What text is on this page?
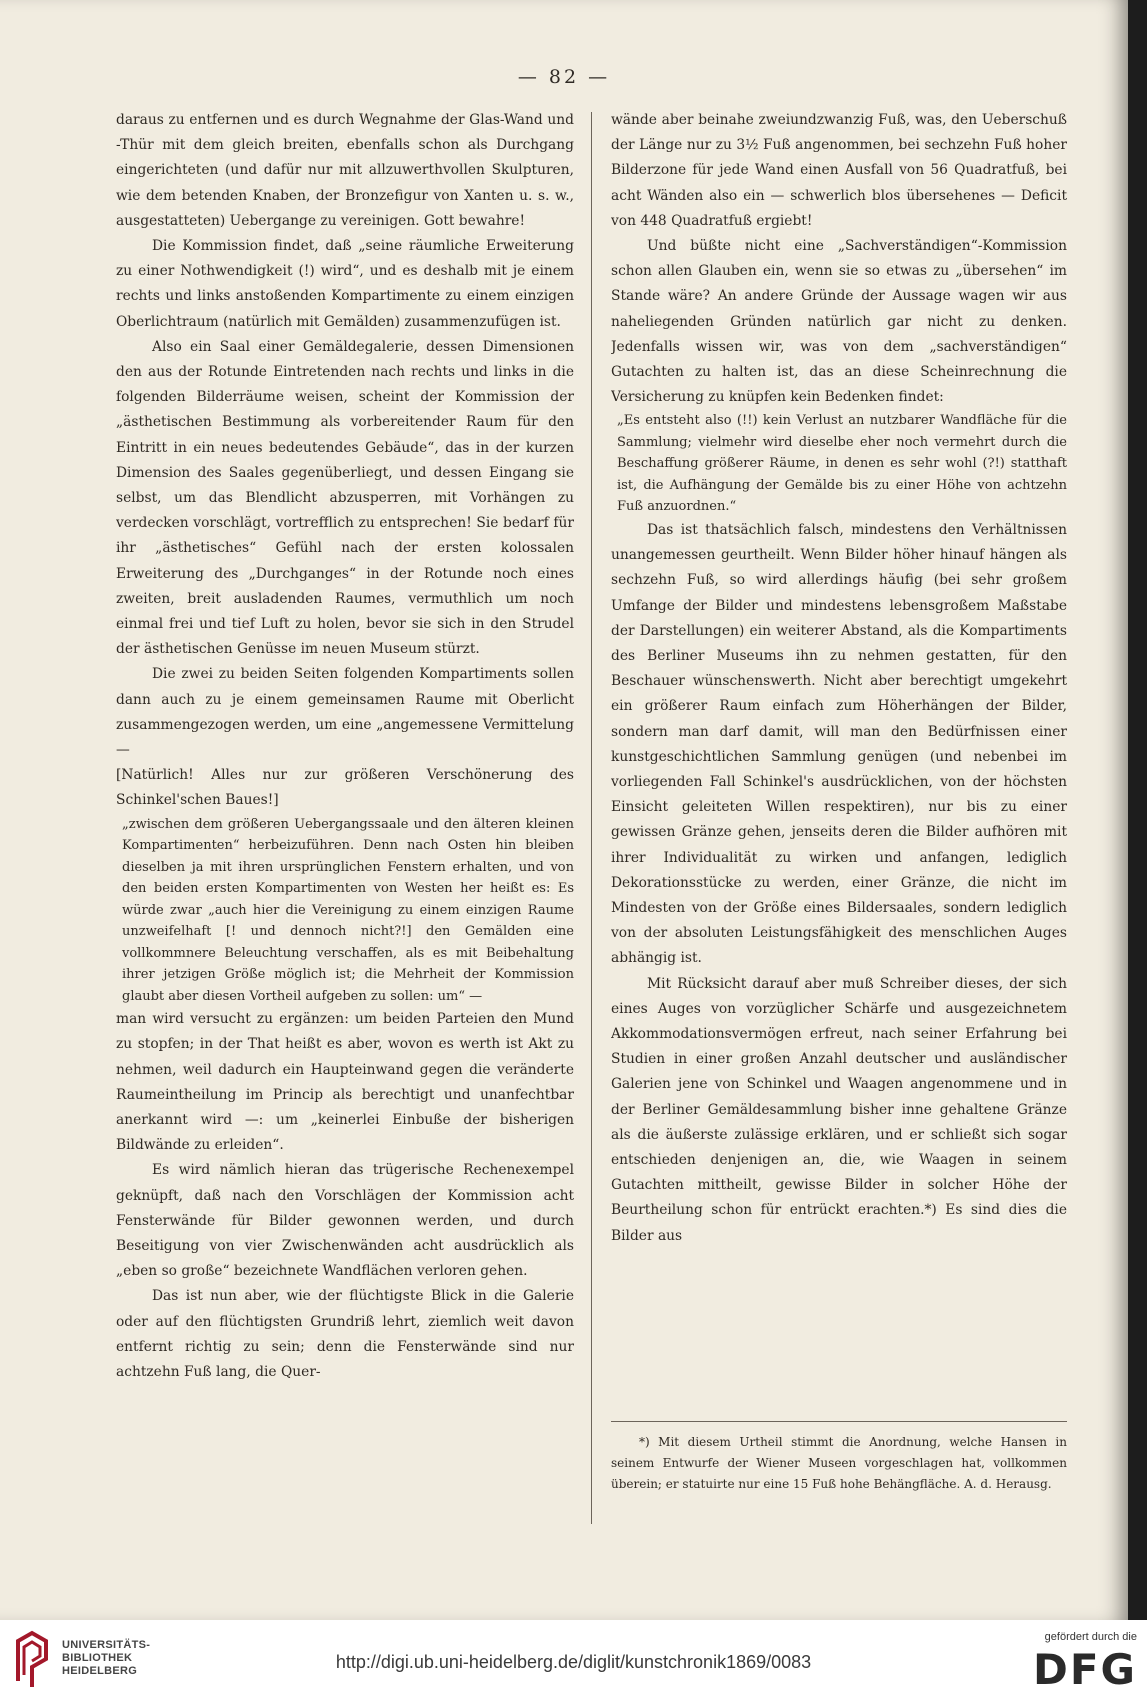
— 82 —

daraus zu entfernen und es durch Wegnahme der Glas-Wand und -Thür mit dem gleich breiten, ebenfalls schon als Durchgang eingerichteten (und dafür nur mit allzuwerthvollen Skulpturen, wie dem betenden Knaben, der Bronzefigur von Xanten u. s. w., ausgestatteten) Uebergange zu vereinigen. Gott bewahre!

Die Kommission findet, daß „seine räumliche Erweiterung zu einer Nothwendigkeit (!) wird“, und es deshalb mit je einem rechts und links anstoßenden Kompartimente zu einem einzigen Oberlichtraum (natürlich mit Gemälden) zusammenzufügen ist.

Also ein Saal einer Gemäldegalerie, dessen Dimensionen den aus der Rotunde Eintretenden nach rechts und links in die folgenden Bilderräume weisen, scheint der Kommission der „ästhetischen Bestimmung als vorbereitender Raum für den Eintritt in ein neues bedeutendes Gebäude“, das in der kurzen Dimension des Saales gegenüberliegt, und dessen Eingang sie selbst, um das Blendlicht abzusperren, mit Vorhängen zu verdecken vorschlägt, vortrefflich zu entsprechen! Sie bedarf für ihr „ästhetisches“ Gefühl nach der ersten kolossalen Erweiterung des „Durchganges“ in der Rotunde noch eines zweiten, breit ausladenden Raumes, vermuthlich um noch einmal frei und tief Luft zu holen, bevor sie sich in den Strudel der ästhetischen Genüsse im neuen Museum stürzt.

Die zwei zu beiden Seiten folgenden Kompartiments sollen dann auch zu je einem gemeinsamen Raume mit Oberlicht zusammengezogen werden, um eine „angemessene Vermittelung —

[Natürlich! Alles nur zur größeren Verschönerung des Schinkel'schen Baues!]

„zwischen dem größeren Uebergangssaale und den älteren kleinen Kompartimenten“ herbeizuführen. Denn nach Osten hin bleiben dieselben ja mit ihren ursprünglichen Fenstern erhalten, und von den beiden ersten Kompartimenten von Westen her heißt es: Es würde zwar „auch hier die Vereinigung zu einem einzigen Raume unzweifelhaft [! und dennoch nicht?!] den Gemälden eine vollkommnere Beleuchtung verschaffen, als es mit Beibehaltung ihrer jetzigen Größe möglich ist; die Mehrheit der Kommission glaubt aber diesen Vortheil aufgeben zu sollen: um“ —

man wird versucht zu ergänzen: um beiden Parteien den Mund zu stopfen; in der That heißt es aber, wovon es werth ist Akt zu nehmen, weil dadurch ein Haupteinwand gegen die veränderte Raumeintheilung im Princip als berechtigt und unanfechtbar anerkannt wird —: um „keinerlei Einbuße der bisherigen Bildwände zu erleiden“.

Es wird nämlich hieran das trügerische Rechenexempel geknüpft, daß nach den Vorschlägen der Kommission acht Fensterwände für Bilder gewonnen werden, und durch Beseitigung von vier Zwischenwänden acht ausdrücklich als „eben so große“ bezeichnete Wandflächen verloren gehen.

Das ist nun aber, wie der flüchtigste Blick in die Galerie oder auf den flüchtigsten Grundriß lehrt, ziemlich weit davon entfernt richtig zu sein; denn die Fensterwände sind nur achtzehn Fuß lang, die Quer-

wände aber beinahe zweiundzwanzig Fuß, was, den Ueberschuß der Länge nur zu 3½ Fuß angenommen, bei sechzehn Fuß hoher Bilderzone für jede Wand einen Ausfall von 56 Quadratfuß, bei acht Wänden also ein — schwerlich blos übersehenes — Deficit von 448 Quadratfuß ergiebt!

Und büßte nicht eine „Sachverständigen“-Kommission schon allen Glauben ein, wenn sie so etwas zu „übersehen“ im Stande wäre? An andere Gründe der Aussage wagen wir aus naheliegenden Gründen natürlich gar nicht zu denken. Jedenfalls wissen wir, was von dem „sachverständigen“ Gutachten zu halten ist, das an diese Scheinrechnung die Versicherung zu knüpfen kein Bedenken findet:

„Es entsteht also (!!) kein Verlust an nutzbarer Wandfläche für die Sammlung; vielmehr wird dieselbe eher noch vermehrt durch die Beschaffung größerer Räume, in denen es sehr wohl (?!) statthaft ist, die Aufhängung der Gemälde bis zu einer Höhe von achtzehn Fuß anzuordnen.“

Das ist thatsächlich falsch, mindestens den Verhältnissen unangemessen geurtheilt. Wenn Bilder höher hinauf hängen als sechzehn Fuß, so wird allerdings häufig (bei sehr großem Umfange der Bilder und mindestens lebensgroßem Maßstabe der Darstellungen) ein weiterer Abstand, als die Kompartiments des Berliner Museums ihn zu nehmen gestatten, für den Beschauer wünschenswerth. Nicht aber berechtigt umgekehrt ein größerer Raum einfach zum Höherhängen der Bilder, sondern man darf damit, will man den Bedürfnissen einer kunstgeschichtlichen Sammlung genügen (und nebenbei im vorliegenden Fall Schinkel's ausdrücklichen, von der höchsten Einsicht geleiteten Willen respektiren), nur bis zu einer gewissen Gränze gehen, jenseits deren die Bilder aufhören mit ihrer Individualität zu wirken und anfangen, lediglich Dekorationsstücke zu werden, einer Gränze, die nicht im Mindesten von der Größe eines Bildersaales, sondern lediglich von der absoluten Leistungsfähigkeit des menschlichen Auges abhängig ist.

Mit Rücksicht darauf aber muß Schreiber dieses, der sich eines Auges von vorzüglicher Schärfe und ausgezeichnetem Akkommodationsvermögen erfreut, nach seiner Erfahrung bei Studien in einer großen Anzahl deutscher und ausländischer Galerien jene von Schinkel und Waagen angenommene und in der Berliner Gemäldesammlung bisher inne gehaltene Gränze als die äußerste zulässige erklären, und er schließt sich sogar entschieden denjenigen an, die, wie Waagen in seinem Gutachten mittheilt, gewisse Bilder in solcher Höhe der Beurtheilung schon für entrückt erachten.*) Es sind dies die Bilder aus

*) Mit diesem Urtheil stimmt die Anordnung, welche Hansen in seinem Entwurfe der Wiener Museen vorgeschlagen hat, vollkommen überein; er statuirte nur eine 15 Fuß hohe Behängfläche. A. d. Herausg.

UNIVERSITÄTS-
BIBLIOTHEK
HEIDELBERG	http://digi.ub.uni-heidelberg.de/diglit/kunstchronik1869/0083
gefördert durch die
DFG
